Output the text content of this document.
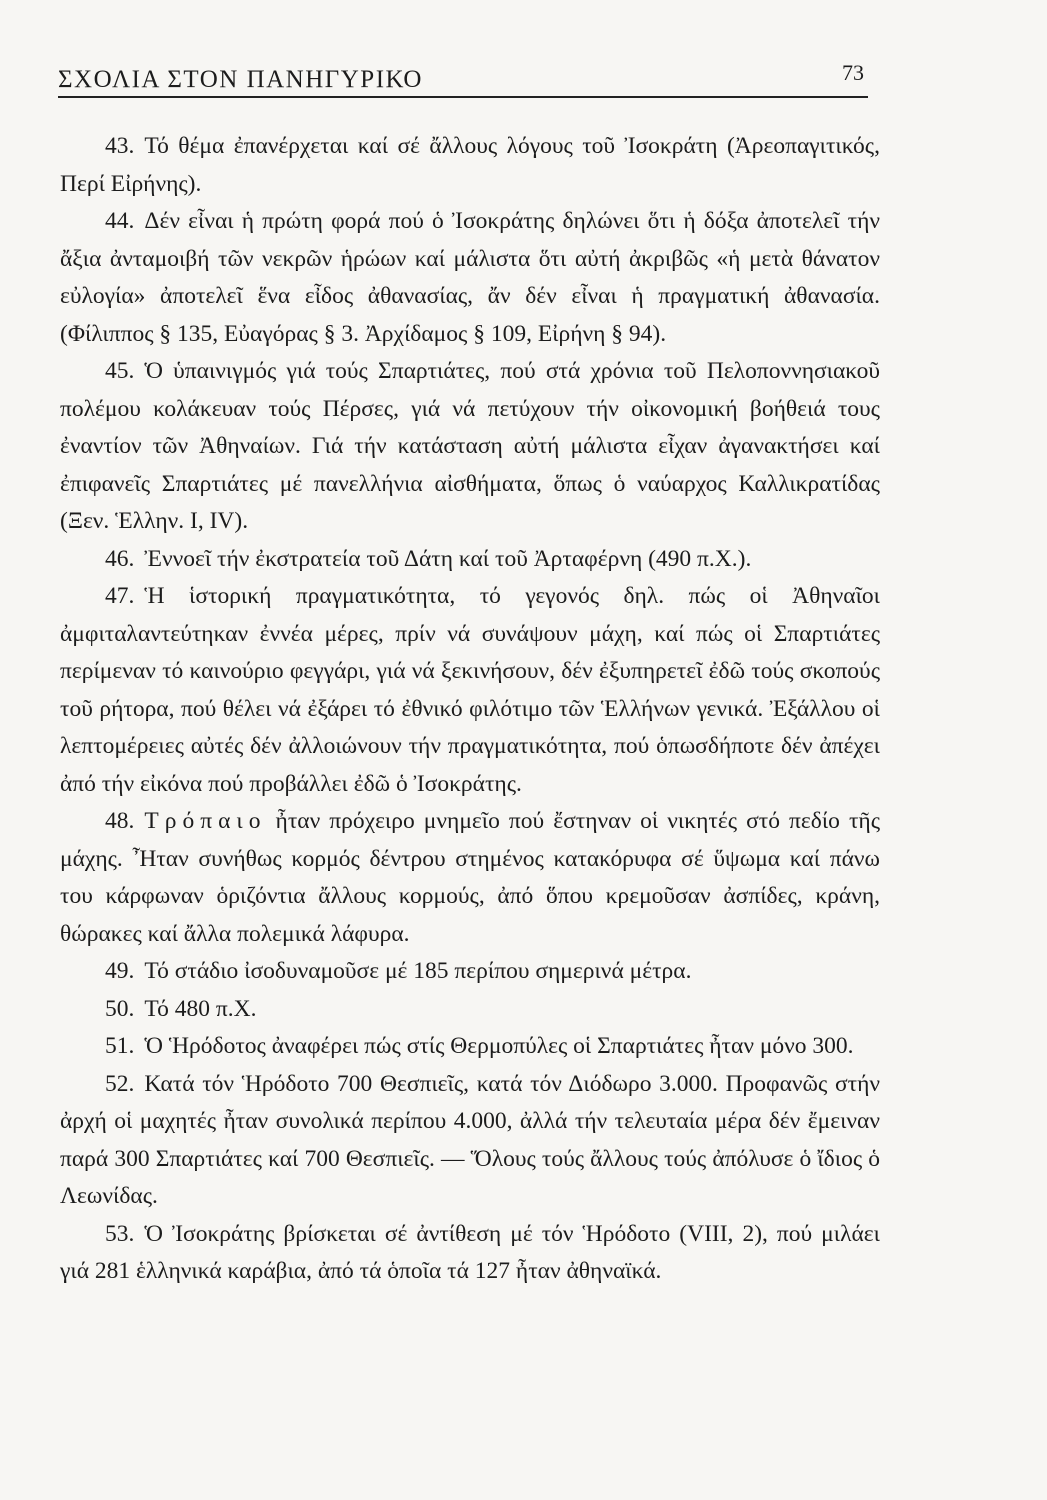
ΣΧΟΛΙΑ ΣΤΟΝ ΠΑΝΗΓΥΡΙΚΟ	73

43. Τό θέμα ἐπανέρχεται καί σέ ἄλλους λόγους τοῦ Ἰσοκράτη (Ἀρεοπαγιτικός, Περί Εἰρήνης).

44. Δέν εἶναι ἡ πρώτη φορά πού ὁ Ἰσοκράτης δηλώνει ὅτι ἡ δόξα ἀποτελεῖ τήν ἄξια ἀνταμοιβή τῶν νεκρῶν ἡρώων καί μάλιστα ὅτι αὐτή ἀκριβῶς «ἡ μετὰ θάνατον εὐλογία» ἀποτελεῖ ἕνα εἶδος ἀθανασίας, ἄν δέν εἶναι ἡ πραγματική ἀθανασία. (Φίλιππος § 135, Εὐαγόρας § 3. Ἀρχίδαμος § 109, Εἰρήνη § 94).

45. Ὁ ὑπαινιγμός γιά τούς Σπαρτιάτες, πού στά χρόνια τοῦ Πελοποννησιακοῦ πολέμου κολάκευαν τούς Πέρσες, γιά νά πετύχουν τήν οἰκονομική βοήθειά τους ἐναντίον τῶν Ἀθηναίων. Γιά τήν κατάσταση αὐτή μάλιστα εἶχαν ἀγανακτήσει καί ἐπιφανεῖς Σπαρτιάτες μέ πανελλήνια αἰσθήματα, ὅπως ὁ ναύαρχος Καλλικρατίδας (Ξεν. Ἑλλην. Ι, ΙV).

46. Ἐννοεῖ τήν ἐκστρατεία τοῦ Δάτη καί τοῦ Ἀρταφέρνη (490 π.Χ.).

47. Ἡ ἱστορική πραγματικότητα, τό γεγονός δηλ. πώς οἱ Ἀθηναῖοι ἀμφιταλαντεύτηκαν ἐννέα μέρες, πρίν νά συνάψουν μάχη, καί πώς οἱ Σπαρτιάτες περίμεναν τό καινούριο φεγγάρι, γιά νά ξεκινήσουν, δέν ἐξυπηρετεῖ ἐδῶ τούς σκοπούς τοῦ ρήτορα, πού θέλει νά ἐξάρει τό ἐθνικό φιλότιμο τῶν Ἑλλήνων γενικά. Ἐξάλλου οἱ λεπτομέρειες αὐτές δέν ἀλλοιώνουν τήν πραγματικότητα, πού ὁπωσδήποτε δέν ἀπέχει ἀπό τήν εἰκόνα πού προβάλλει ἐδῶ ὁ Ἰσοκράτης.

48. Τρόπαιο ἦταν πρόχειρο μνημεῖο πού ἔστηναν οἱ νικητές στό πεδίο τῆς μάχης. Ἦταν συνήθως κορμός δέντρου στημένος κατακόρυφα σέ ὕψωμα καί πάνω του κάρφωναν ὁριζόντια ἄλλους κορμούς, ἀπό ὅπου κρεμοῦσαν ἀσπίδες, κράνη, θώρακες καί ἄλλα πολεμικά λάφυρα.

49. Τό στάδιο ἰσοδυναμοῦσε μέ 185 περίπου σημερινά μέτρα.

50. Τό 480 π.Χ.

51. Ὁ Ἡρόδοτος ἀναφέρει πώς στίς Θερμοπύλες οἱ Σπαρτιάτες ἦταν μόνο 300.

52. Κατά τόν Ἡρόδοτο 700 Θεσπιεῖς, κατά τόν Διόδωρο 3.000. Προφανῶς στήν ἀρχή οἱ μαχητές ἦταν συνολικά περίπου 4.000, ἀλλά τήν τελευταία μέρα δέν ἔμειναν παρά 300 Σπαρτιάτες καί 700 Θεσπιεῖς. — Ὅλους τούς ἄλλους τούς ἀπόλυσε ὁ ἴδιος ὁ Λεωνίδας.

53. Ὁ Ἰσοκράτης βρίσκεται σέ ἀντίθεση μέ τόν Ἡρόδοτο (VIII, 2), πού μιλάει γιά 281 ἑλληνικά καράβια, ἀπό τά ὁποῖα τά 127 ἦταν ἀθηναϊκά.
